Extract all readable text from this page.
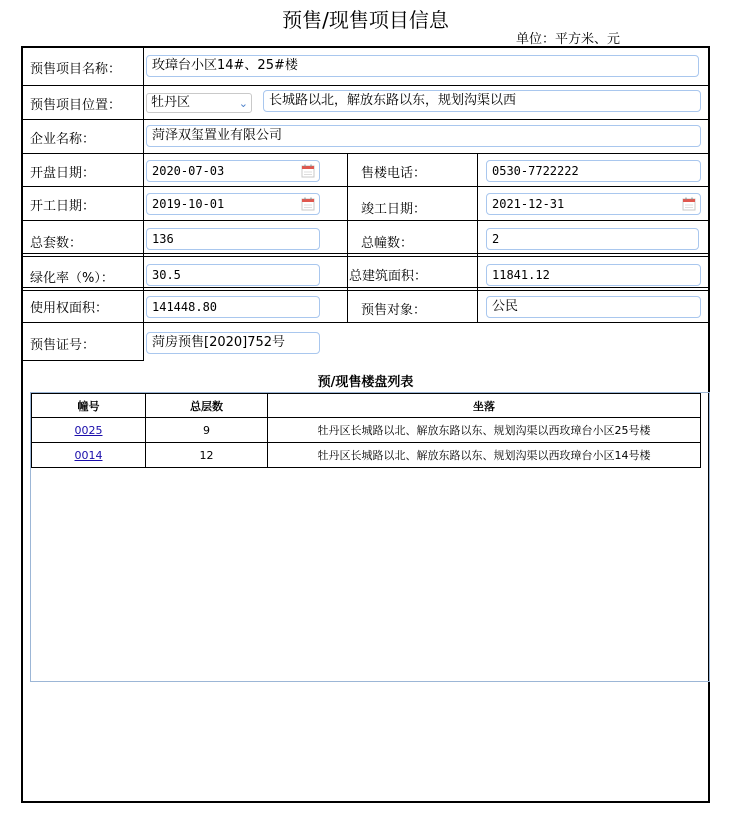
预售/现售项目信息
单位：平方米、元
预售项目名称：	玫璋台小区14#、25#楼
预售项目位置：	牡丹区	⌄	长城路以北，解放东路以东，规划沟渠以西
企业名称：	菏泽双玺置业有限公司
开盘日期：	2020-07-03	售楼电话：	0530-7722222
开工日期：	2019-10-01	竣工日期：	2021-12-31
总套数：	136	总幢数：	2
绿化率（%）：	30.5	总建筑面积：	11841.12
使用权面积：	141448.80	预售对象：	公民
预售证号：	菏房预售[2020]752号
预/现售楼盘列表
幢号	总层数	坐落
0025	9	牡丹区长城路以北、解放东路以东、规划沟渠以西玫璋台小区25号楼
0014	12	牡丹区长城路以北、解放东路以东、规划沟渠以西玫璋台小区14号楼
